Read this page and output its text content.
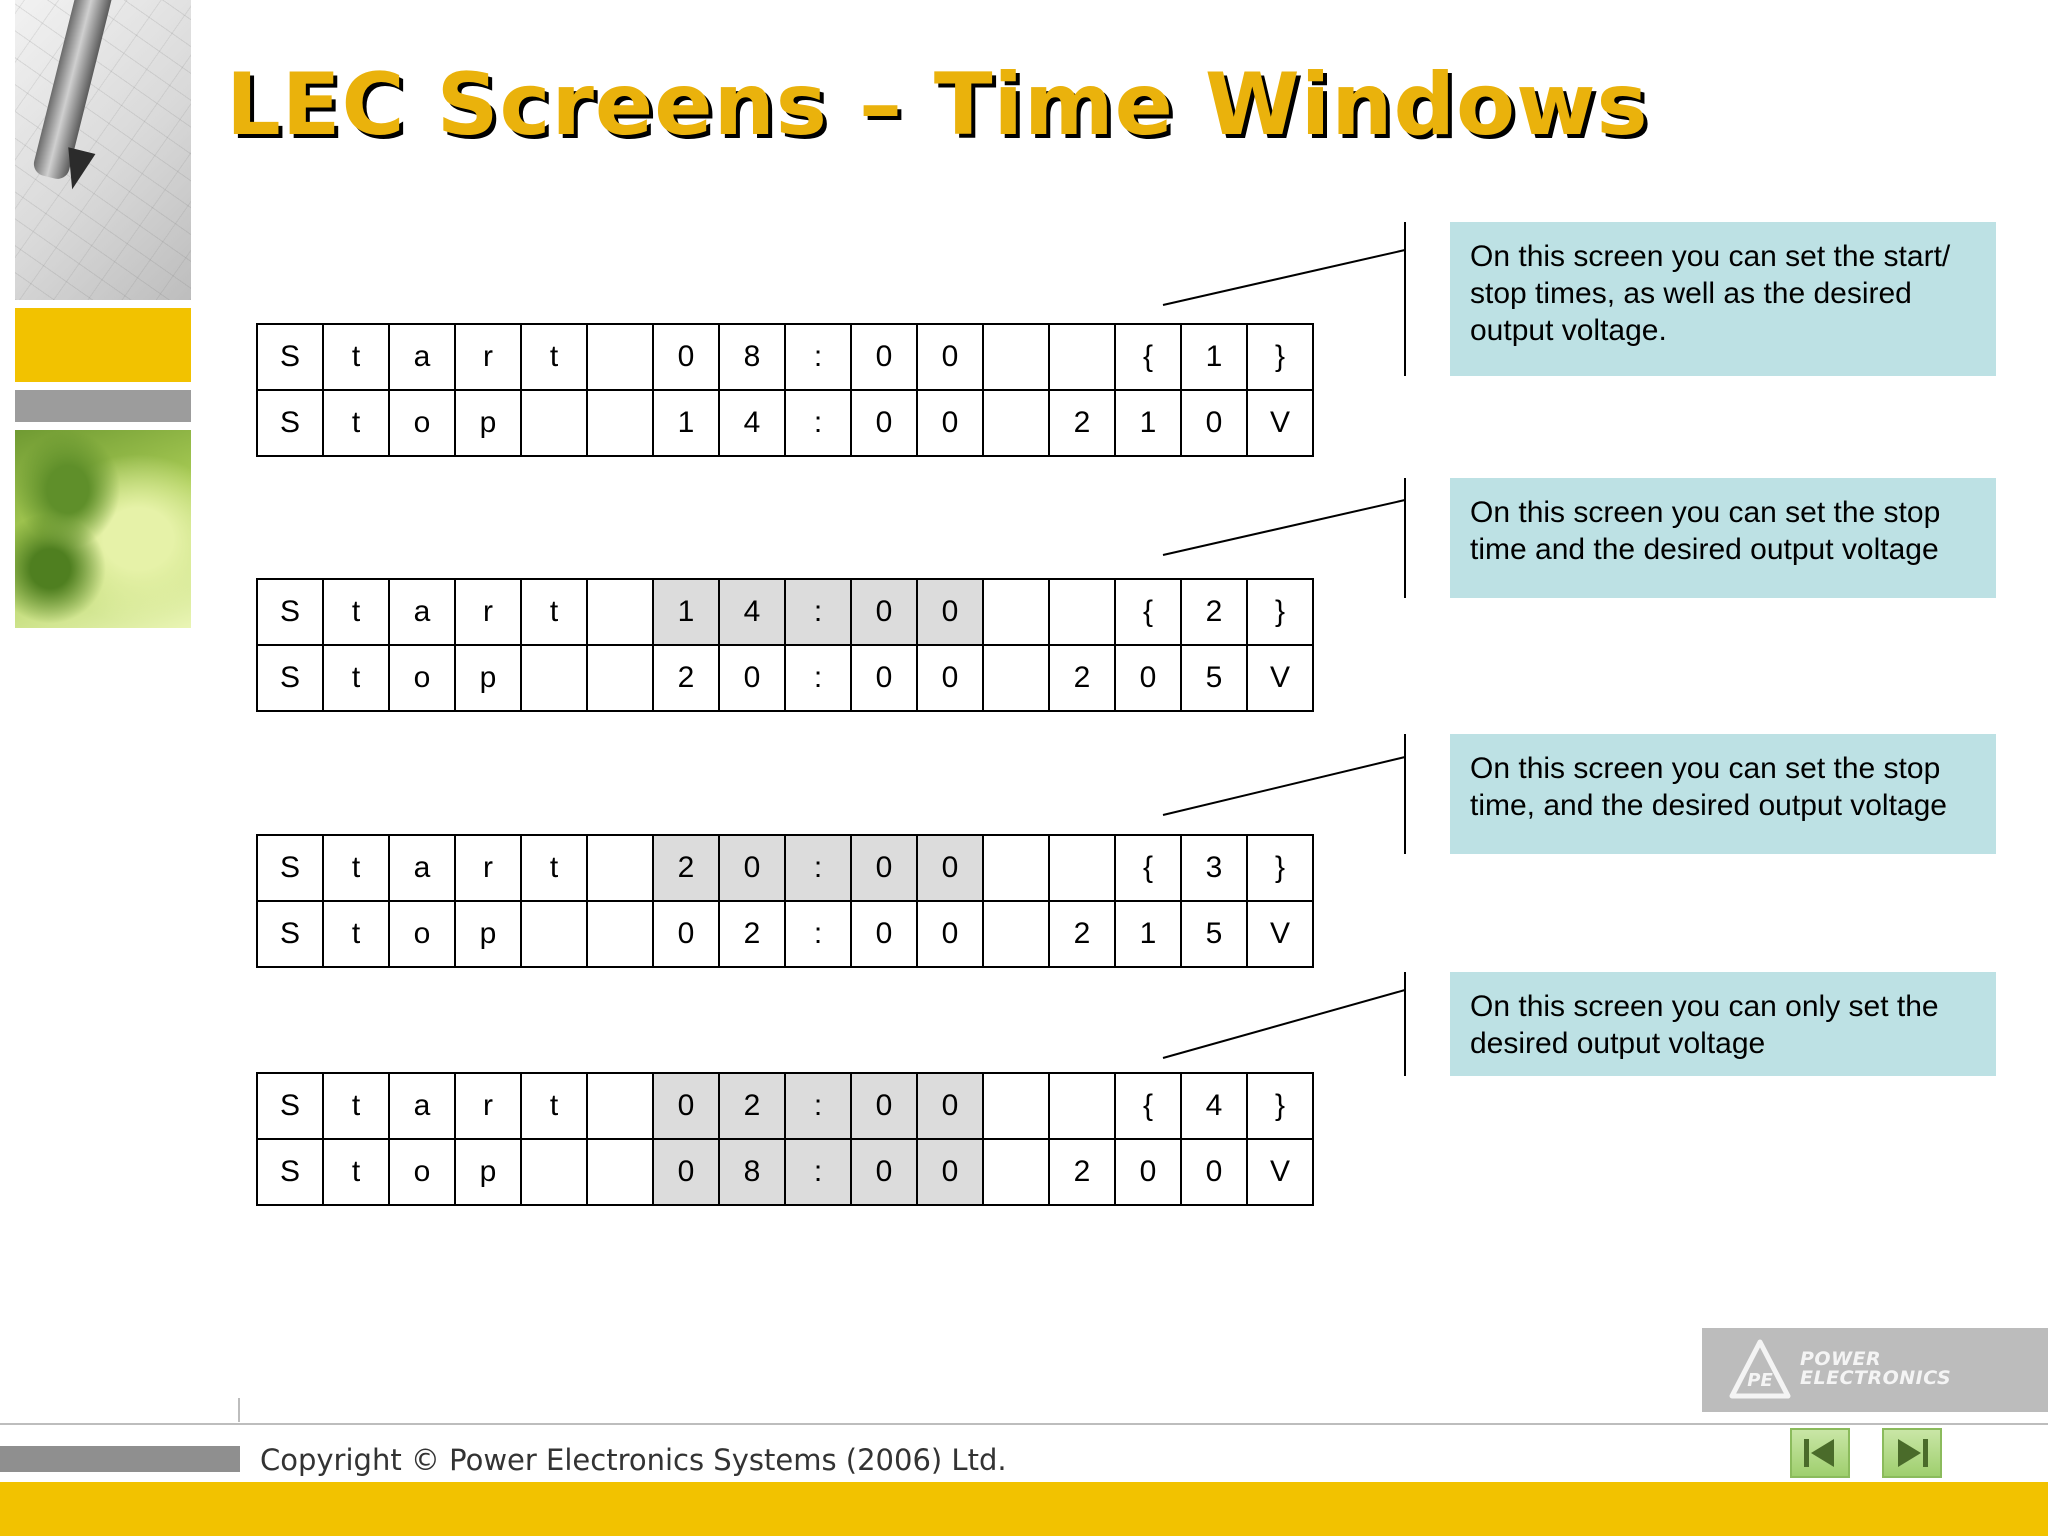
LEC Screens – Time Windows
S	t	a	r	t		0	8	:	0	0			{	1	}
S	t	o	p			1	4	:	0	0		2	1	0	V
S	t	a	r	t		1	4	:	0	0			{	2	}
S	t	o	p			2	0	:	0	0		2	0	5	V
S	t	a	r	t		2	0	:	0	0			{	3	}
S	t	o	p			0	2	:	0	0		2	1	5	V
S	t	a	r	t		0	2	:	0	0			{	4	}
S	t	o	p			0	8	:	0	0		2	0	0	V
On this screen you can set the start/ stop times, as well as the desired output voltage.
On this screen you can set the stop time and the desired output voltage
On this screen you can set the stop time, and the desired output voltage
On this screen you can only set the desired output voltage
PE
POWER
ELECTRONICS
Copyright © Power Electronics Systems (2006) Ltd.
